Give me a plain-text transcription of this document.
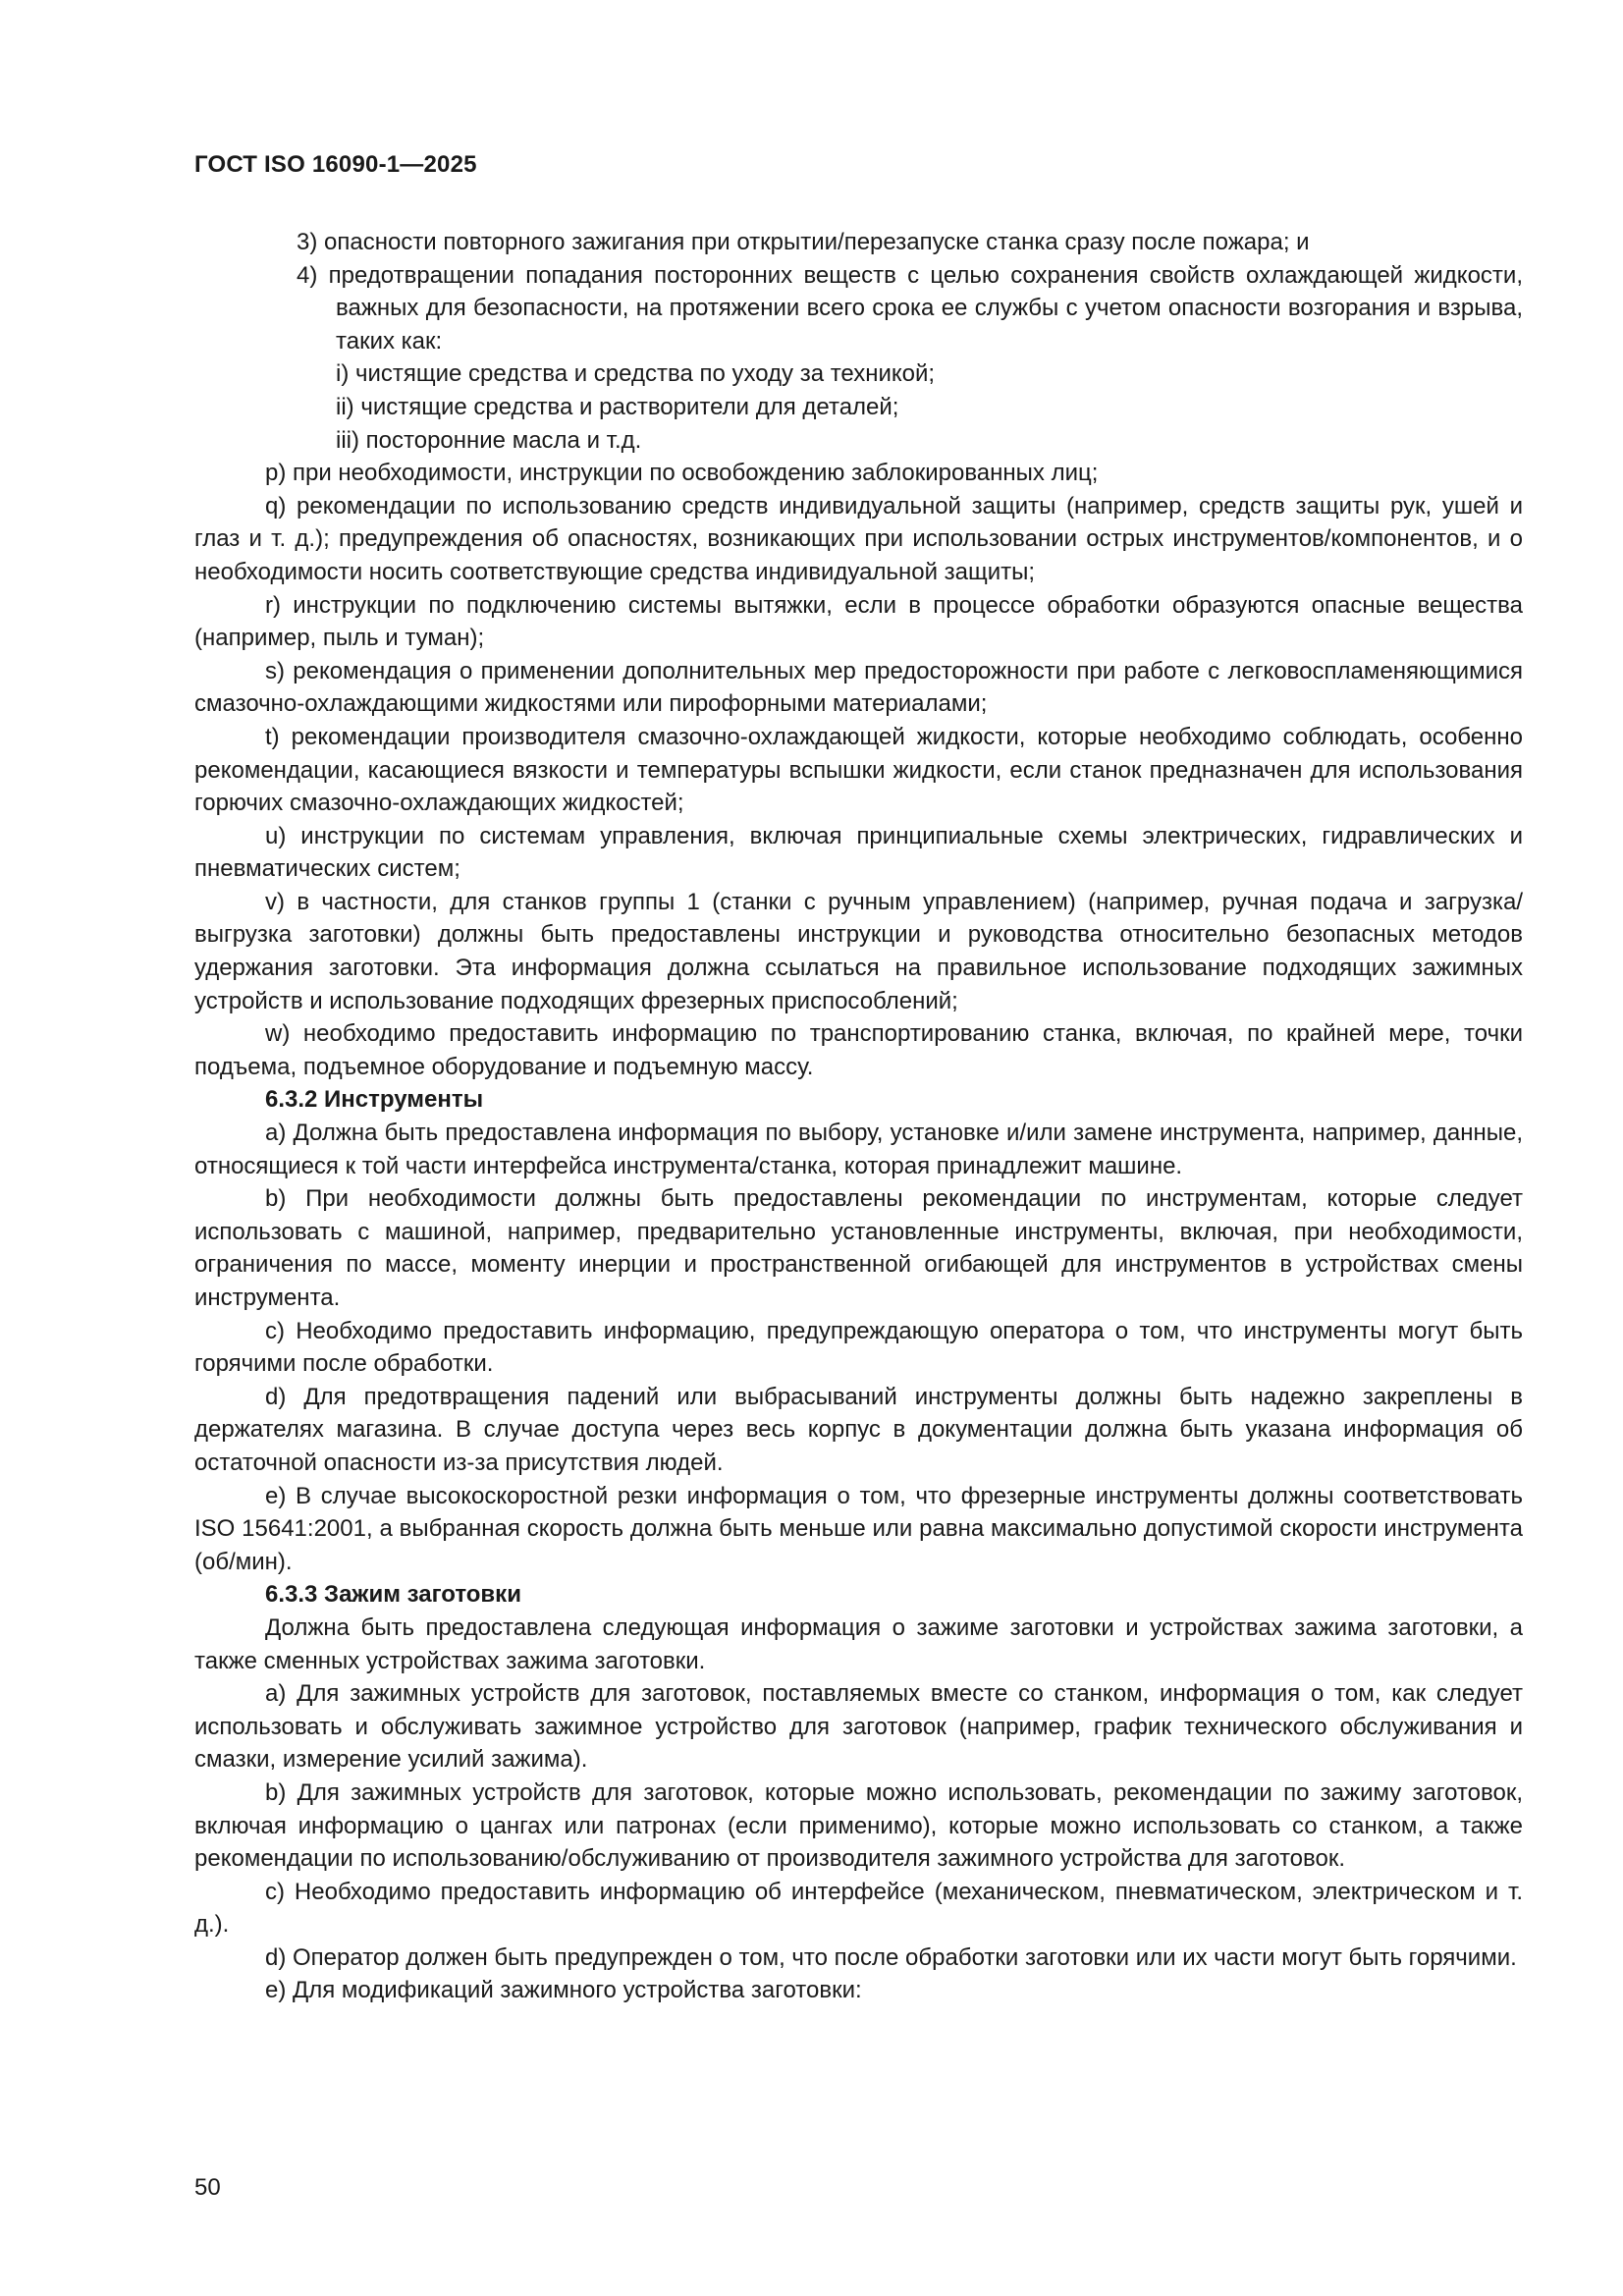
ГОСТ ISO 16090-1—2025

3) опасности повторного зажигания при открытии/перезапуске станка сразу после пожара; и

4) предотвращении попадания посторонних веществ с целью сохранения свойств охлаждающей жидкости, важных для безопасности, на протяжении всего срока ее службы с учетом опасности возгорания и взрыва, таких как:

i) чистящие средства и средства по уходу за техникой;

ii) чистящие средства и растворители для деталей;

iii) посторонние масла и т.д.

p) при необходимости, инструкции по освобождению заблокированных лиц;

q) рекомендации по использованию средств индивидуальной защиты (например, средств защиты рук, ушей и глаз и т. д.); предупреждения об опасностях, возникающих при использовании острых инструментов/компонентов, и о необходимости носить соответствующие средства индивидуальной защиты;

r) инструкции по подключению системы вытяжки, если в процессе обработки образуются опасные вещества (например, пыль и туман);

s) рекомендация о применении дополнительных мер предосторожности при работе с легковоспламеняющимися смазочно-охлаждающими жидкостями или пирофорными материалами;

t) рекомендации производителя смазочно-охлаждающей жидкости, которые необходимо соблюдать, особенно рекомендации, касающиеся вязкости и температуры вспышки жидкости, если станок предназначен для использования горючих смазочно-охлаждающих жидкостей;

u) инструкции по системам управления, включая принципиальные схемы электрических, гидравлических и пневматических систем;

v) в частности, для станков группы 1 (станки с ручным управлением) (например, ручная подача и загрузка/выгрузка заготовки) должны быть предоставлены инструкции и руководства относительно безопасных методов удержания заготовки. Эта информация должна ссылаться на правильное использование подходящих зажимных устройств и использование подходящих фрезерных приспособлений;

w) необходимо предоставить информацию по транспортированию станка, включая, по крайней мере, точки подъема, подъемное оборудование и подъемную массу.

6.3.2 Инструменты

а) Должна быть предоставлена информация по выбору, установке и/или замене инструмента, например, данные, относящиеся к той части интерфейса инструмента/станка, которая принадлежит машине.

b) При необходимости должны быть предоставлены рекомендации по инструментам, которые следует использовать с машиной, например, предварительно установленные инструменты, включая, при необходимости, ограничения по массе, моменту инерции и пространственной огибающей для инструментов в устройствах смены инструмента.

c) Необходимо предоставить информацию, предупреждающую оператора о том, что инструменты могут быть горячими после обработки.

d) Для предотвращения падений или выбрасываний инструменты должны быть надежно закреплены в держателях магазина. В случае доступа через весь корпус в документации должна быть указана информация об остаточной опасности из-за присутствия людей.

e) В случае высокоскоростной резки информация о том, что фрезерные инструменты должны соответствовать ISO 15641:2001, а выбранная скорость должна быть меньше или равна максимально допустимой скорости инструмента (об/мин).

6.3.3 Зажим заготовки

Должна быть предоставлена следующая информация о зажиме заготовки и устройствах зажима заготовки, а также сменных устройствах зажима заготовки.

а) Для зажимных устройств для заготовок, поставляемых вместе со станком, информация о том, как следует использовать и обслуживать зажимное устройство для заготовок (например, график технического обслуживания и смазки, измерение усилий зажима).

b) Для зажимных устройств для заготовок, которые можно использовать, рекомендации по зажиму заготовок, включая информацию о цангах или патронах (если применимо), которые можно использовать со станком, а также рекомендации по использованию/обслуживанию от производителя зажимного устройства для заготовок.

c) Необходимо предоставить информацию об интерфейсе (механическом, пневматическом, электрическом и т. д.).

d) Оператор должен быть предупрежден о том, что после обработки заготовки или их части могут быть горячими.

e) Для модификаций зажимного устройства заготовки:

50
